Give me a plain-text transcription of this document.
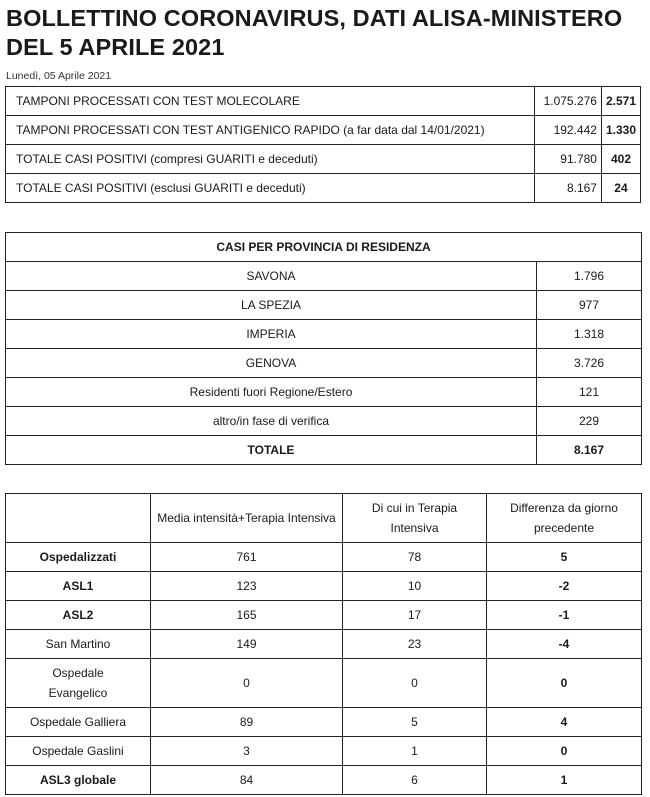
BOLLETTINO CORONAVIRUS, DATI ALISA-MINISTERO DEL 5 APRILE 2021
Lunedì, 05 Aprile 2021
TAMPONI PROCESSATI CON TEST MOLECOLARE	1.075.276	2.571
TAMPONI PROCESSATI CON TEST ANTIGENICO RAPIDO (a far data dal 14/01/2021)	192.442	1.330
TOTALE CASI POSITIVI (compresi GUARITI e deceduti)	91.780	402
TOTALE CASI POSITIVI (esclusi GUARITI e deceduti)	8.167	24
CASI PER PROVINCIA DI RESIDENZA	
SAVONA	1.796
LA SPEZIA	977
IMPERIA	1.318
GENOVA	3.726
Residenti fuori Regione/Estero	121
altro/in fase di verifica	229
TOTALE	8.167
	Media intensità+Terapia Intensiva	Di cui in Terapia Intensiva	Differenza da giorno precedente
Ospedalizzati	761	78	5
ASL1	123	10	-2
ASL2	165	17	-1
San Martino	149	23	-4
Ospedale Evangelico	0	0	0
Ospedale Galliera	89	5	4
Ospedale Gaslini	3	1	0
ASL3 globale	84	6	1
